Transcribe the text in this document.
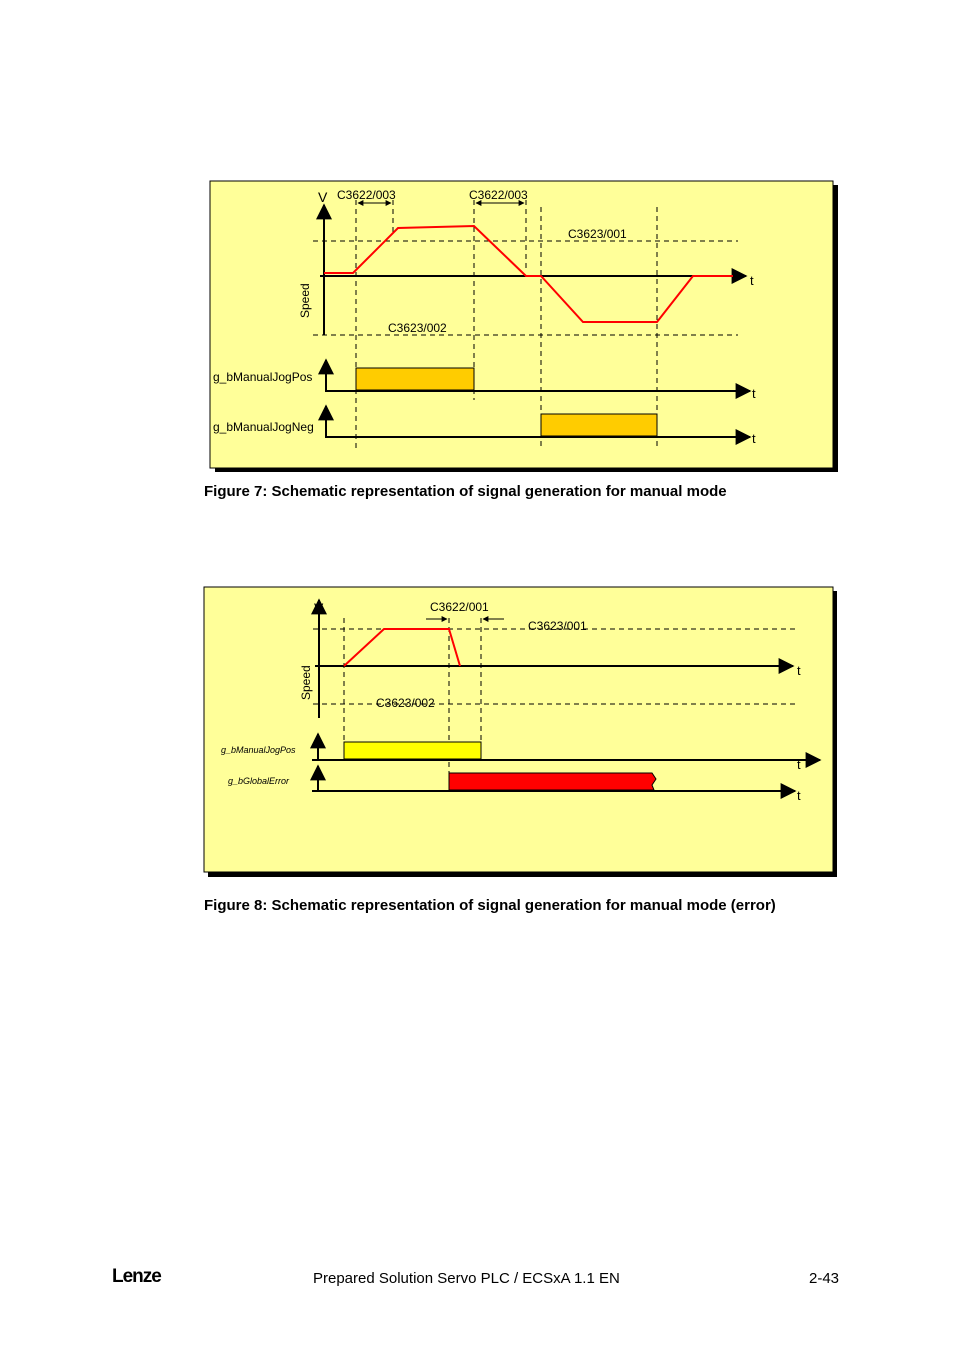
V C3622/003	C3622/003
C3623/001
C3623/002
t
Speed
g_bManualJogPos
t
g_bManualJogNeg
t
V	C3622/001
C3623/001
C3623/002
t
Speed
g_bManualJogPos
t
g_bGlobalError
t
Figure 7: Schematic representation of signal generation for manual mode
Figure 8: Schematic representation of signal generation for manual mode (error)
Lenze	Prepared Solution Servo PLC / ECSxA 1.1 EN	2-43
